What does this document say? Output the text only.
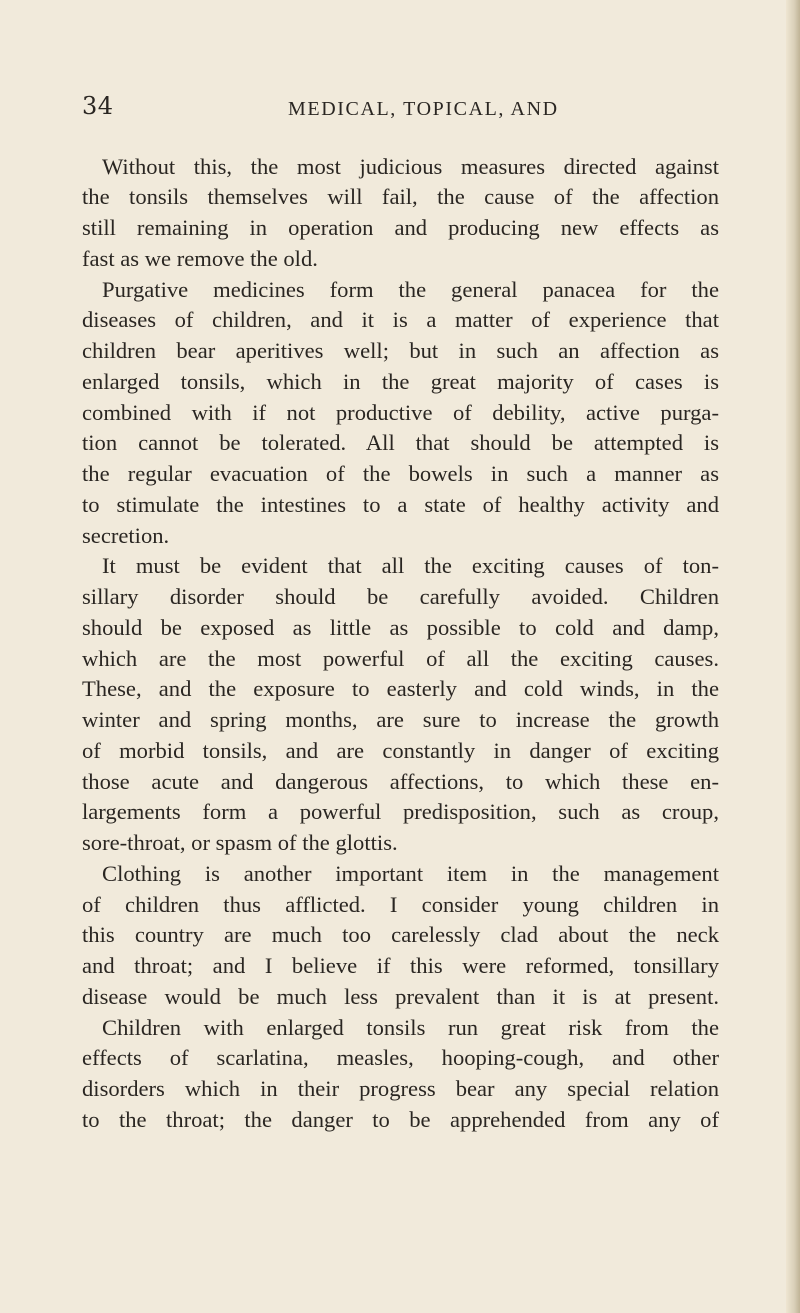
34	MEDICAL, TOPICAL, AND
Without this, the most judicious measures directed against
the tonsils themselves will fail, the cause of the affection
still remaining in operation and producing new effects as
fast as we remove the old.
Purgative medicines form the general panacea for the
diseases of children, and it is a matter of experience that
children bear aperitives well; but in such an affection as
enlarged tonsils, which in the great majority of cases is
combined with if not productive of debility, active purga-
tion cannot be tolerated. All that should be attempted is
the regular evacuation of the bowels in such a manner as
to stimulate the intestines to a state of healthy activity and
secretion.
It must be evident that all the exciting causes of ton-
sillary disorder should be carefully avoided. Children
should be exposed as little as possible to cold and damp,
which are the most powerful of all the exciting causes.
These, and the exposure to easterly and cold winds, in the
winter and spring months, are sure to increase the growth
of morbid tonsils, and are constantly in danger of exciting
those acute and dangerous affections, to which these en-
largements form a powerful predisposition, such as croup,
sore-throat, or spasm of the glottis.
Clothing is another important item in the management
of children thus afflicted. I consider young children in
this country are much too carelessly clad about the neck
and throat; and I believe if this were reformed, tonsillary
disease would be much less prevalent than it is at present.
Children with enlarged tonsils run great risk from the
effects of scarlatina, measles, hooping-cough, and other
disorders which in their progress bear any special relation
to the throat; the danger to be apprehended from any of
